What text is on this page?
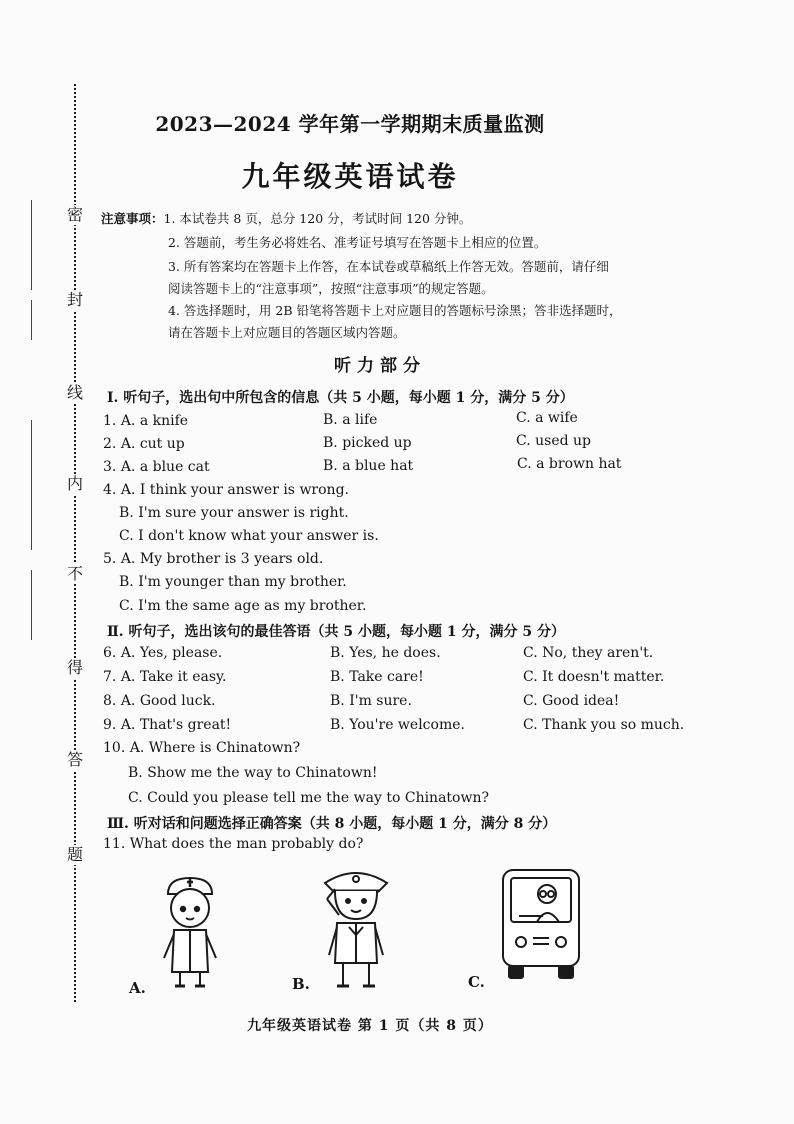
密
封
线
内
不
得
答
题
2023—2024 学年第一学期期末质量监测
九年级英语试卷
注意事项：1. 本试卷共 8 页，总分 120 分，考试时间 120 分钟。
2. 答题前，考生务必将姓名、准考证号填写在答题卡上相应的位置。
3. 所有答案均在答题卡上作答，在本试卷或草稿纸上作答无效。答题前，请仔细
阅读答题卡上的“注意事项”，按照“注意事项”的规定答题。
4. 答选择题时，用 2B 铅笔将答题卡上对应题目的答题标号涂黑；答非选择题时，
请在答题卡上对应题目的答题区域内答题。
听力部分
Ⅰ. 听句子，选出句中所包含的信息（共 5 小题，每小题 1 分，满分 5 分）
1. A. a knife	B. a life	C. a wife
2. A. cut up	B. picked up	C. used up
3. A. a blue cat	B. a blue hat	C. a brown hat
4. A. I think your answer is wrong.
B. I'm sure your answer is right.
C. I don't know what your answer is.
5. A. My brother is 3 years old.
B. I'm younger than my brother.
C. I'm the same age as my brother.
Ⅱ. 听句子，选出该句的最佳答语（共 5 小题，每小题 1 分，满分 5 分）
6. A. Yes, please.	B. Yes, he does.	C. No, they aren't.
7. A. Take it easy.	B. Take care!	C. It doesn't matter.
8. A. Good luck.	B. I'm sure.	C. Good idea!
9. A. That's great!	B. You're welcome.	C. Thank you so much.
10. A. Where is Chinatown?
B. Show me the way to Chinatown!
C. Could you please tell me the way to Chinatown?
Ⅲ. 听对话和问题选择正确答案（共 8 小题，每小题 1 分，满分 8 分）
11. What does the man probably do?
A.	B.	C.
九年级英语试卷 第 1 页（共 8 页）
